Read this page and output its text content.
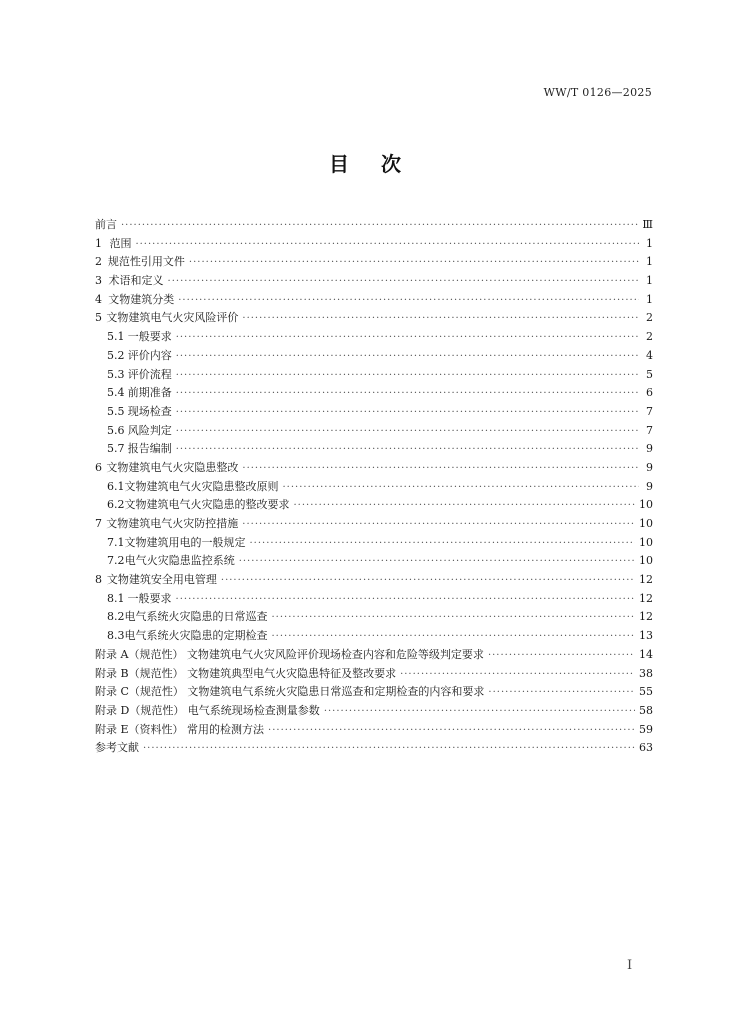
WW/T 0126—2025
目次
前言 ·····	Ⅲ
1 范围 ·····	1
2 规范性引用文件 ·····	1
3 术语和定义 ·····	1
4 文物建筑分类 ·····	1
5 文物建筑电气火灾风险评价 ·····	2
5.1 一般要求 ·····	2
5.2 评价内容 ·····	4
5.3 评价流程 ·····	5
5.4 前期准备 ·····	6
5.5 现场检查 ·····	7
5.6 风险判定 ·····	7
5.7 报告编制 ·····	9
6 文物建筑电气火灾隐患整改 ·····	9
6.1 文物建筑电气火灾隐患整改原则 ·····	9
6.2 文物建筑电气火灾隐患的整改要求 ·····	10
7 文物建筑电气火灾防控措施 ·····	10
7.1 文物建筑用电的一般规定 ·····	10
7.2 电气火灾隐患监控系统 ·····	10
8 文物建筑安全用电管理 ·····	12
8.1 一般要求 ·····	12
8.2 电气系统火灾隐患的日常巡查 ·····	12
8.3 电气系统火灾隐患的定期检查 ·····	13
附录 A（规范性） 文物建筑电气火灾风险评价现场检查内容和危险等级判定要求 ·····	14
附录 B（规范性） 文物建筑典型电气火灾隐患特征及整改要求 ·····	38
附录 C（规范性） 文物建筑电气系统火灾隐患日常巡查和定期检查的内容和要求 ·····	55
附录 D（规范性） 电气系统现场检查测量参数 ·····	58
附录 E（资料性） 常用的检测方法 ·····	59
参考文献 ·····	63
I
